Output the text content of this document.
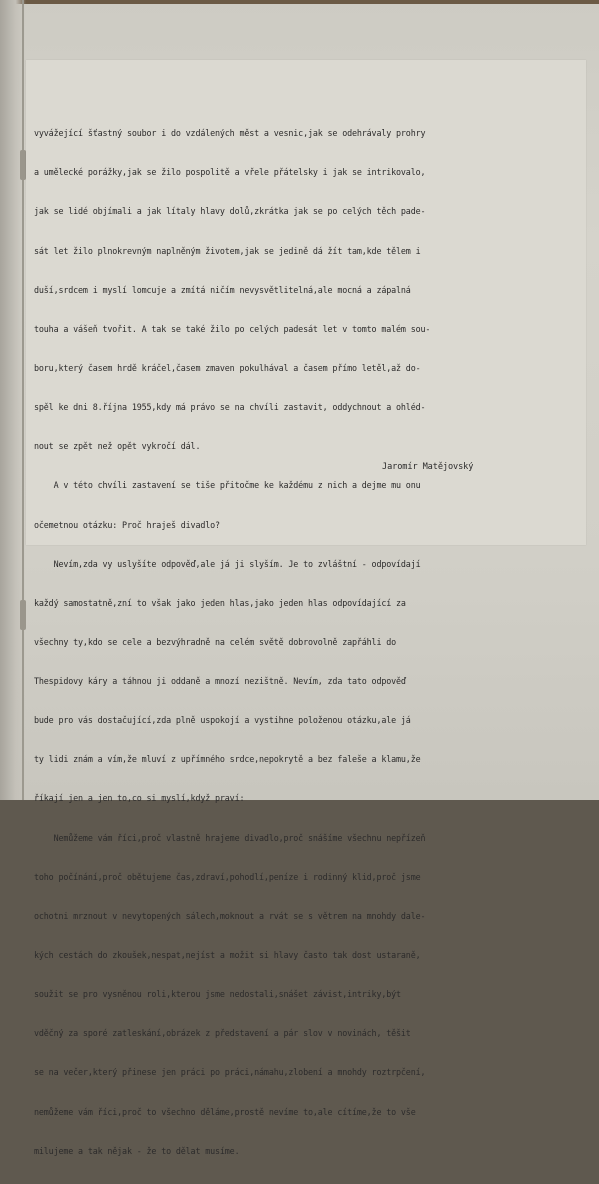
vyvážející šťastný soubor i do vzdálených měst a vesnic,jak se odehrávaly prohry

a umělecké porážky,jak se žilo pospolitě a vřele přátelsky i jak se intrikovalo,

jak se lidé objímali a jak lítaly hlavy dolů,zkrátka jak se po celých těch pade-

sát let žilo plnokrevným naplněným životem,jak se jedině dá žít tam,kde tělem i

duší,srdcem i myslí lomcuje a zmítá ničím nevysvětlitelná,ale mocná a zápalná

touha a vášeň tvořit. A tak se také žilo po celých padesát let v tomto malém sou-

boru,který časem hrdě kráčel,časem zmaven pokulhával a časem přímo letěl,až do-

spěl ke dni 8.října 1955,kdy má právo se na chvíli zastavit, oddychnout a ohléd-

nout se zpět než opět vykročí dál.

A v této chvíli zastavení se tiše přitočme ke každému z nich a dejme mu onu

očemetnou otázku: Proč hraješ divadlo?

Nevím,zda vy uslyšíte odpověď,ale já ji slyším. Je to zvláštní - odpovídají

každý samostatně,zní to však jako jeden hlas,jako jeden hlas odpovídající za

všechny ty,kdo se cele a bezvýhradně na celém světě dobrovolně zapřáhli do

Thespidovy káry a táhnou ji oddaně a mnozí nezištně. Nevím, zda tato odpověď

bude pro vás dostačující,zda plně uspokojí a vystihne položenou otázku,ale já

ty lidi znám a vím,že mluví z upřímného srdce,nepokrytě a bez faleše a klamu,že

říkají jen a jen to,co si myslí,když praví:

Nemůžeme vám říci,proč vlastně hrajeme divadlo,proč snášíme všechnu nepřízeň

toho počínání,proč obětujeme čas,zdraví,pohodlí,peníze i rodinný klid,proč jsme

ochotni mrznout v nevytopených sálech,moknout a rvát se s větrem na mnohdy dale-

kých cestách do zkoušek,nespat,nejíst a možit si hlavy často tak dost ustaraně,

soužit se pro vysněnou roli,kterou jsme nedostali,snášet závist,intriky,být

vděčný za sporé zatleskání,obrázek z představení a pár slov v novinách, těšit

se na večer,který přinese jen práci po práci,námahu,zlobení a mnohdy roztrpčení,

nemůžeme vám říci,proč to všechno děláme,prostě nevíme to,ale cítíme,že to vše

milujeme a tak nějak - že to dělat musíme.

Jaromír Matějovský
